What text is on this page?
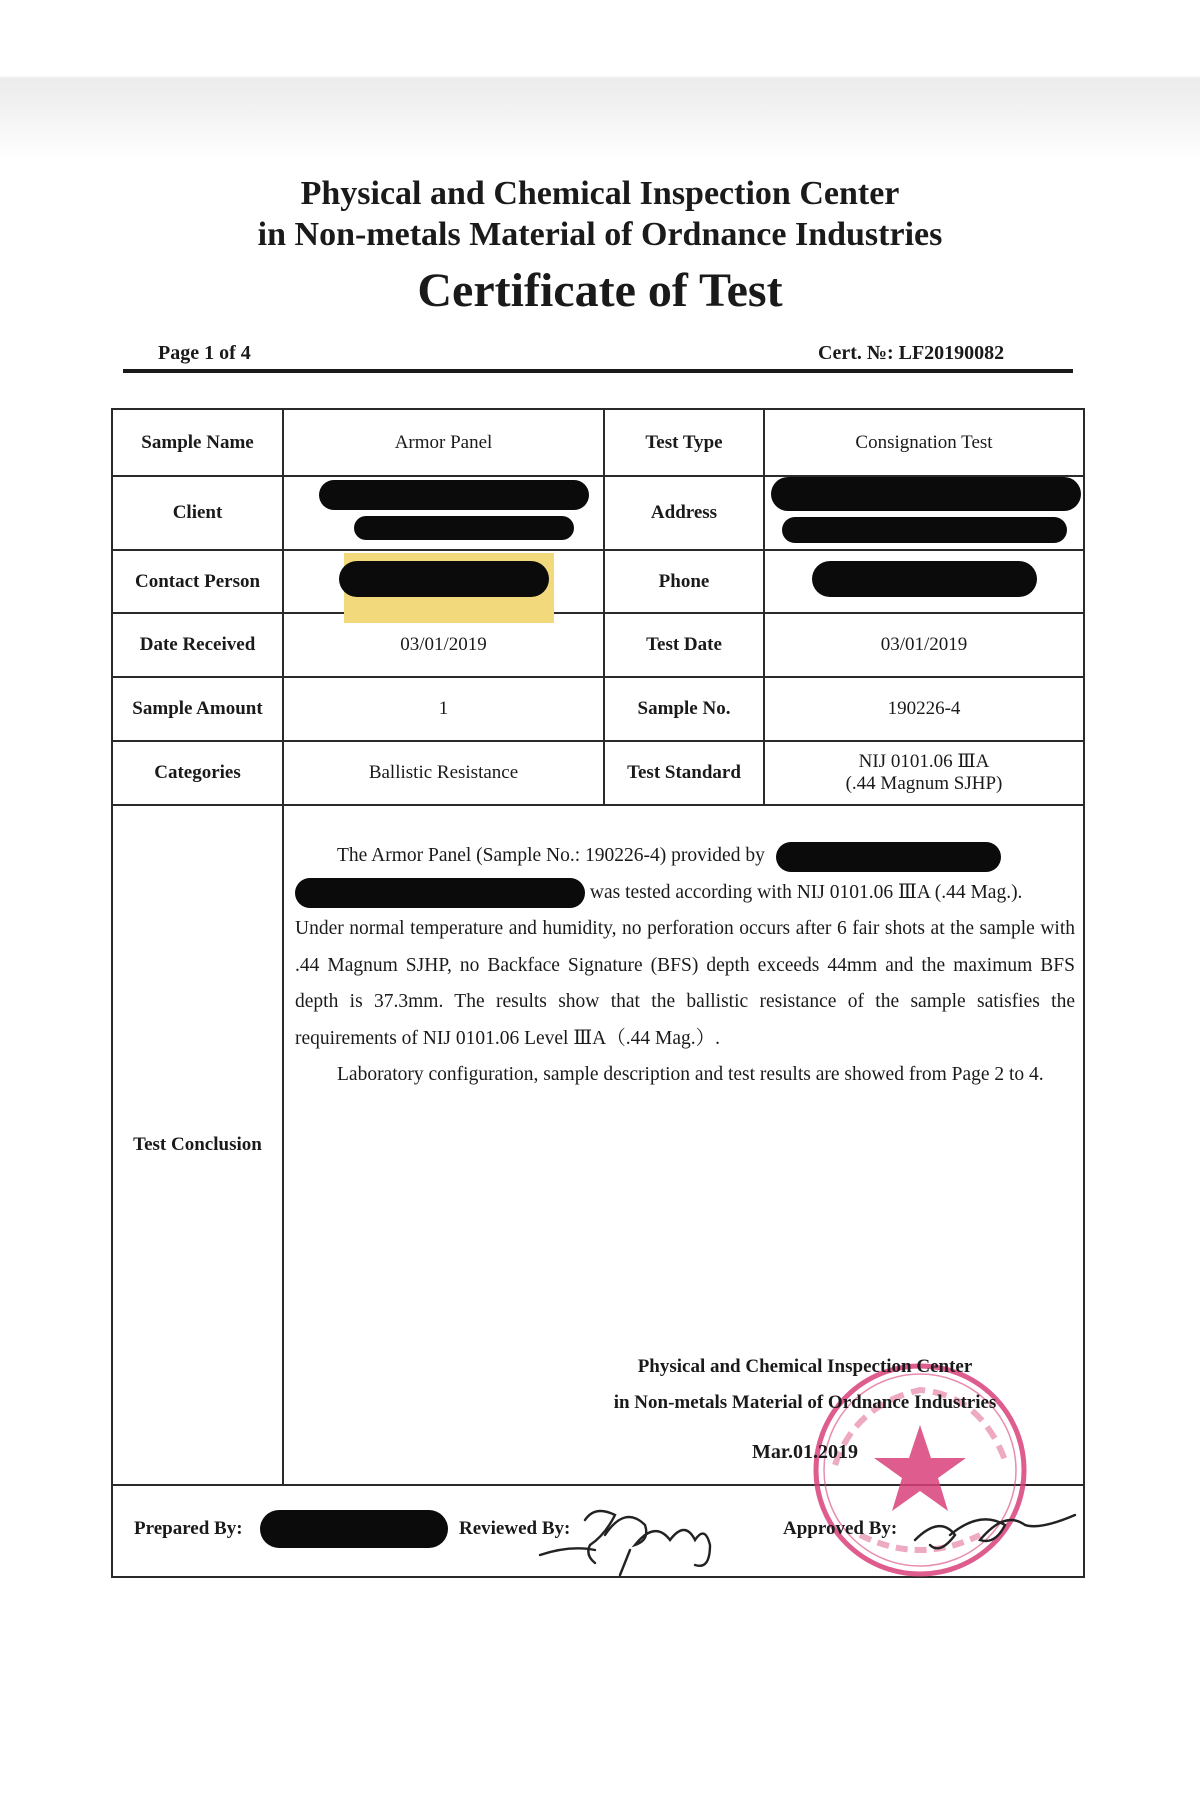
Physical and Chemical Inspection Center
in Non-metals Material of Ordnance Industries
Certificate of Test
Page 1 of 4	Cert. №: LF20190082
Sample Name	Armor Panel	Test Type	Consignation Test
Client		Address	

Contact Person		Phone	
Date Received	03/01/2019	Test Date	03/01/2019
Sample Amount	1	Sample No.	190226-4
Categories	Ballistic Resistance	Test Standard	NIJ 0101.06 ⅢA
(.44 Magnum SJHP)
Test Conclusion			

The Armor Panel (Sample No.: 190226-4) provided by

was tested according with NIJ 0101.06 ⅢA (.44 Mag.).

Under normal temperature and humidity, no perforation occurs after 6 fair shots at the sample with .44 Magnum SJHP, no Backface Signature (BFS) depth exceeds 44mm and the maximum BFS depth is 37.3mm. The results show that the ballistic resistance of the sample satisfies the requirements of NIJ 0101.06 Level ⅢA（.44 Mag.）.

Laboratory configuration, sample description and test results are showed from Page 2 to 4.

Physical and Chemical Inspection Center
in Non-metals Material of Ordnance Industries
Mar.01.2019
Prepared By:	Reviewed By:	Approved By:
